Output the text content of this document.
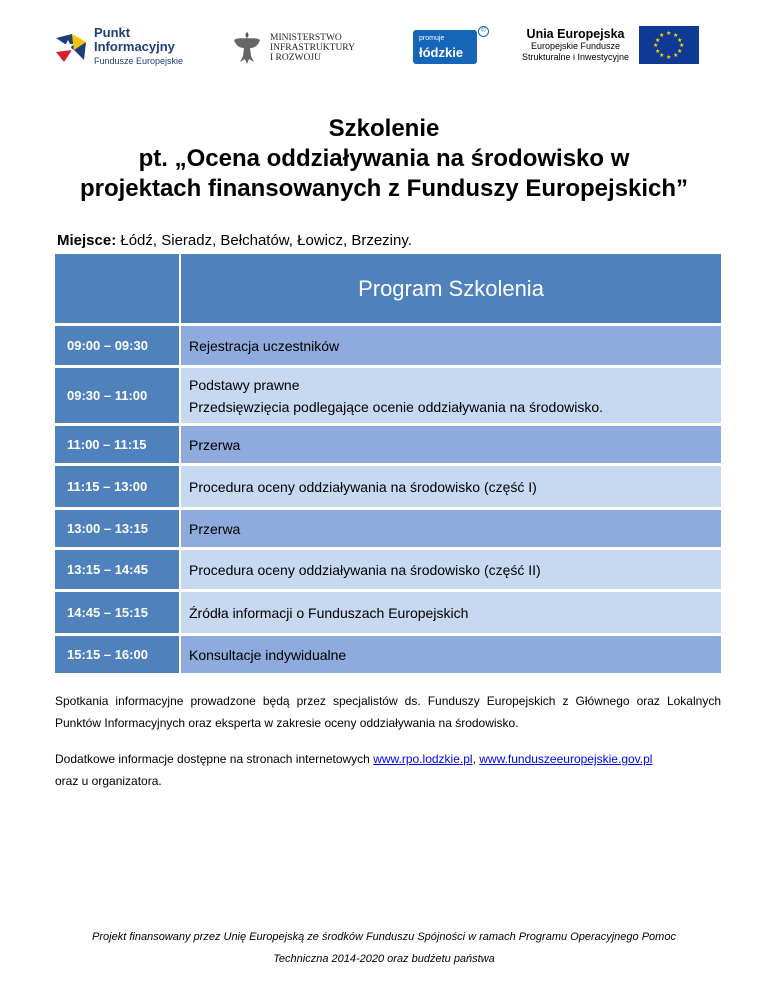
Punkt
Informacyjny
Fundusze Europejskie
MINISTERSTWO
INFRASTRUKTURY
I ROZWOJU
promuje
łódzkie
©	Unia Europejska
Europejskie Fundusze
Strukturalne i Inwestycyjne
★ ★
★
★
★
★
★
★
★
★
★
★
Szkolenie
pt. „Ocena oddziaływania na środowisko w
projektach finansowanych z Funduszy Europejskich”
Miejsce: Łódź, Sieradz, Bełchatów, Łowicz, Brzeziny.
	Program Szkolenia
09:00 – 09:30	Rejestracja uczestników

09:30 – 11:00	Podstawy prawne
Przedsięwzięcia podlegające ocenie oddziaływania na środowisko.

11:00 – 11:15	Przerwa

11:15 – 13:00	Procedura oceny oddziaływania na środowisko (część I)

13:00 – 13:15	Przerwa

13:15 – 14:45	Procedura oceny oddziaływania na środowisko (część II)

14:45 – 15:15	Źródła informacji o Funduszach Europejskich

15:15 – 16:00	Konsultacje indywidualne
Spotkania informacyjne prowadzone będą przez specjalistów ds. Funduszy Europejskich z Głównego oraz Lokalnych Punktów Informacyjnych oraz eksperta w zakresie oceny oddziaływania na środowisko.
Dodatkowe informacje dostępne na stronach internetowych www.rpo.lodzkie.pl, www.funduszeeuropejskie.gov.pl
oraz u organizatora.
Projekt finansowany przez Unię Europejską ze środków Funduszu Spójności w ramach Programu Operacyjnego Pomoc
Techniczna 2014-2020 oraz budżetu państwa
